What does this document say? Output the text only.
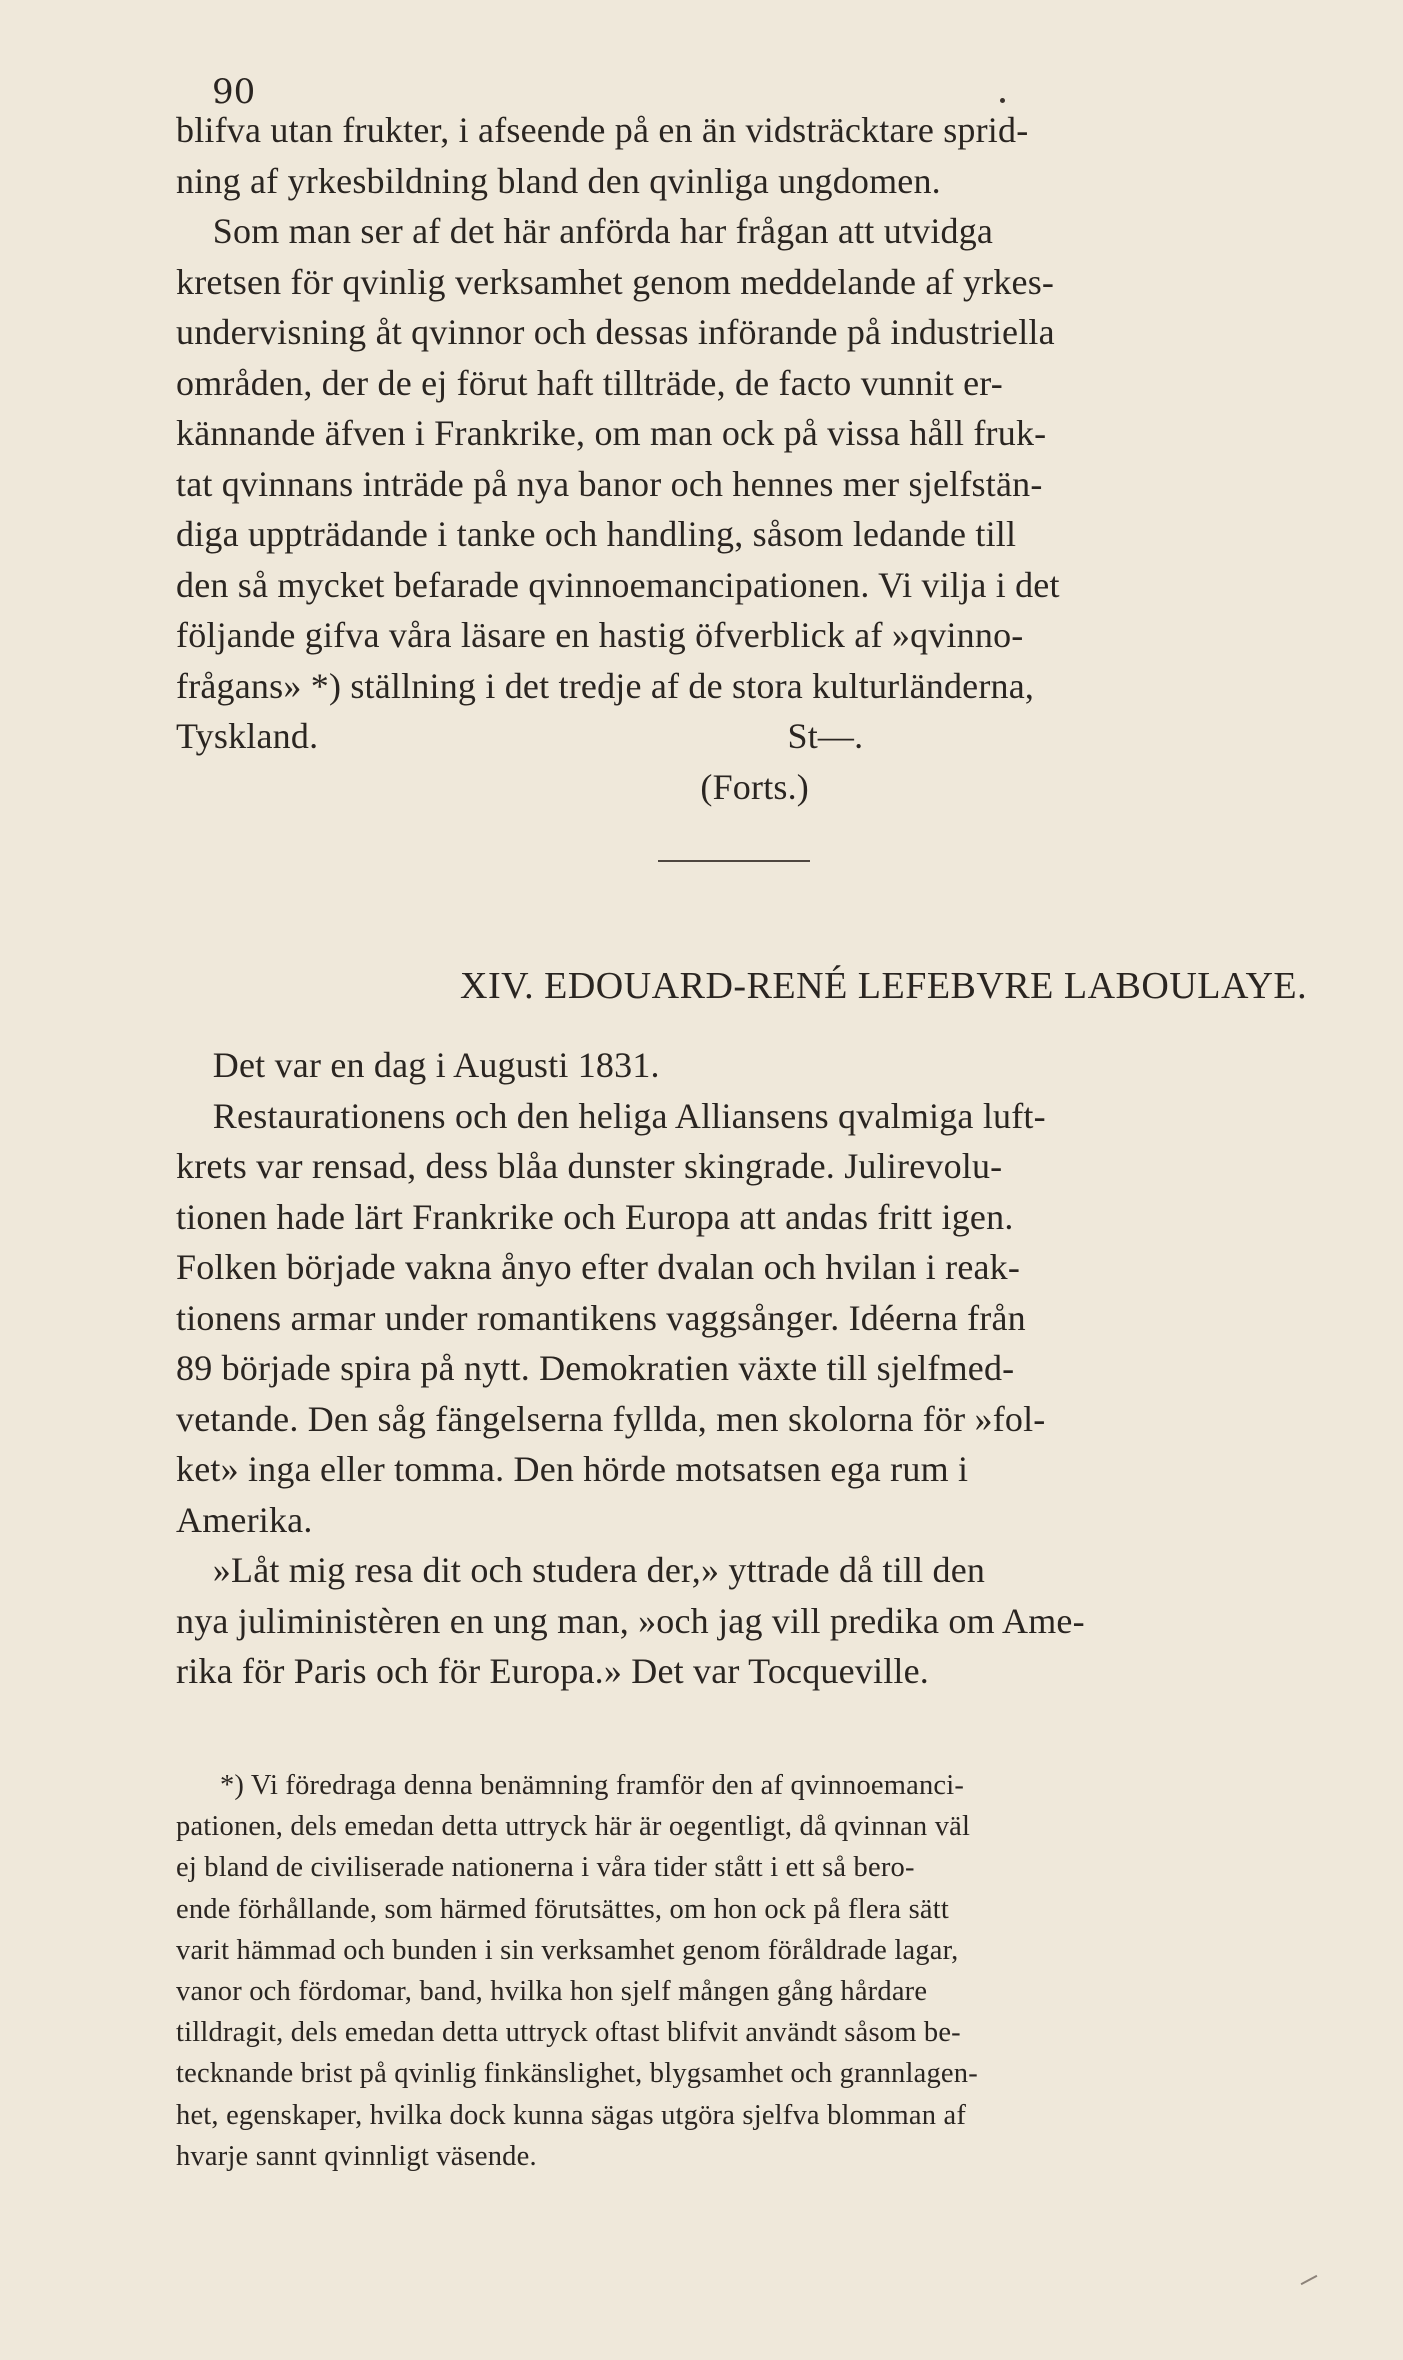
90
blifva utan frukter, i afseende på en än vidsträcktare sprid-
ning af yrkesbildning bland den qvinliga ungdomen.
Som man ser af det här anförda har frågan att utvidga
kretsen för qvinlig verksamhet genom meddelande af yrkes-
undervisning åt qvinnor och dessas införande på industriella
områden, der de ej förut haft tillträde, de facto vunnit er-
kännande äfven i Frankrike, om man ock på vissa håll fruk-
tat qvinnans inträde på nya banor och hennes mer sjelfstän-
diga uppträdande i tanke och handling, såsom ledande till
den så mycket befarade qvinnoemancipationen. Vi vilja i det
följande gifva våra läsare en hastig öfverblick af »qvinno-
frågans» *) ställning i det tredje af de stora kulturländerna,
Tyskland.                                                   St—.
(Forts.)
XIV. EDOUARD-RENÉ LEFEBVRE LABOULAYE.
Det var en dag i Augusti 1831.
Restaurationens och den heliga Alliansens qvalmiga luft-
krets var rensad, dess blåa dunster skingrade. Julirevolu-
tionen hade lärt Frankrike och Europa att andas fritt igen.
Folken började vakna ånyo efter dvalan och hvilan i reak-
tionens armar under romantikens vaggsånger. Idéerna från
89 började spira på nytt. Demokratien växte till sjelfmed-
vetande. Den såg fängelserna fyllda, men skolorna för »fol-
ket» inga eller tomma. Den hörde motsatsen ega rum i
Amerika.
»Låt mig resa dit och studera der,» yttrade då till den
nya juliministèren en ung man, »och jag vill predika om Ame-
rika för Paris och för Europa.» Det var Tocqueville.
*) Vi föredraga denna benämning framför den af qvinnoemanci-
pationen, dels emedan detta uttryck här är oegentligt, då qvinnan väl
ej bland de civiliserade nationerna i våra tider stått i ett så bero-
ende förhållande, som härmed förutsättes, om hon ock på flera sätt
varit hämmad och bunden i sin verksamhet genom föråldrade lagar,
vanor och fördomar, band, hvilka hon sjelf mången gång hårdare
tilldragit, dels emedan detta uttryck oftast blifvit användt såsom be-
tecknande brist på qvinlig finkänslighet, blygsamhet och grannlagen-
het, egenskaper, hvilka dock kunna sägas utgöra sjelfva blomman af
hvarje sannt qvinnligt väsende.
